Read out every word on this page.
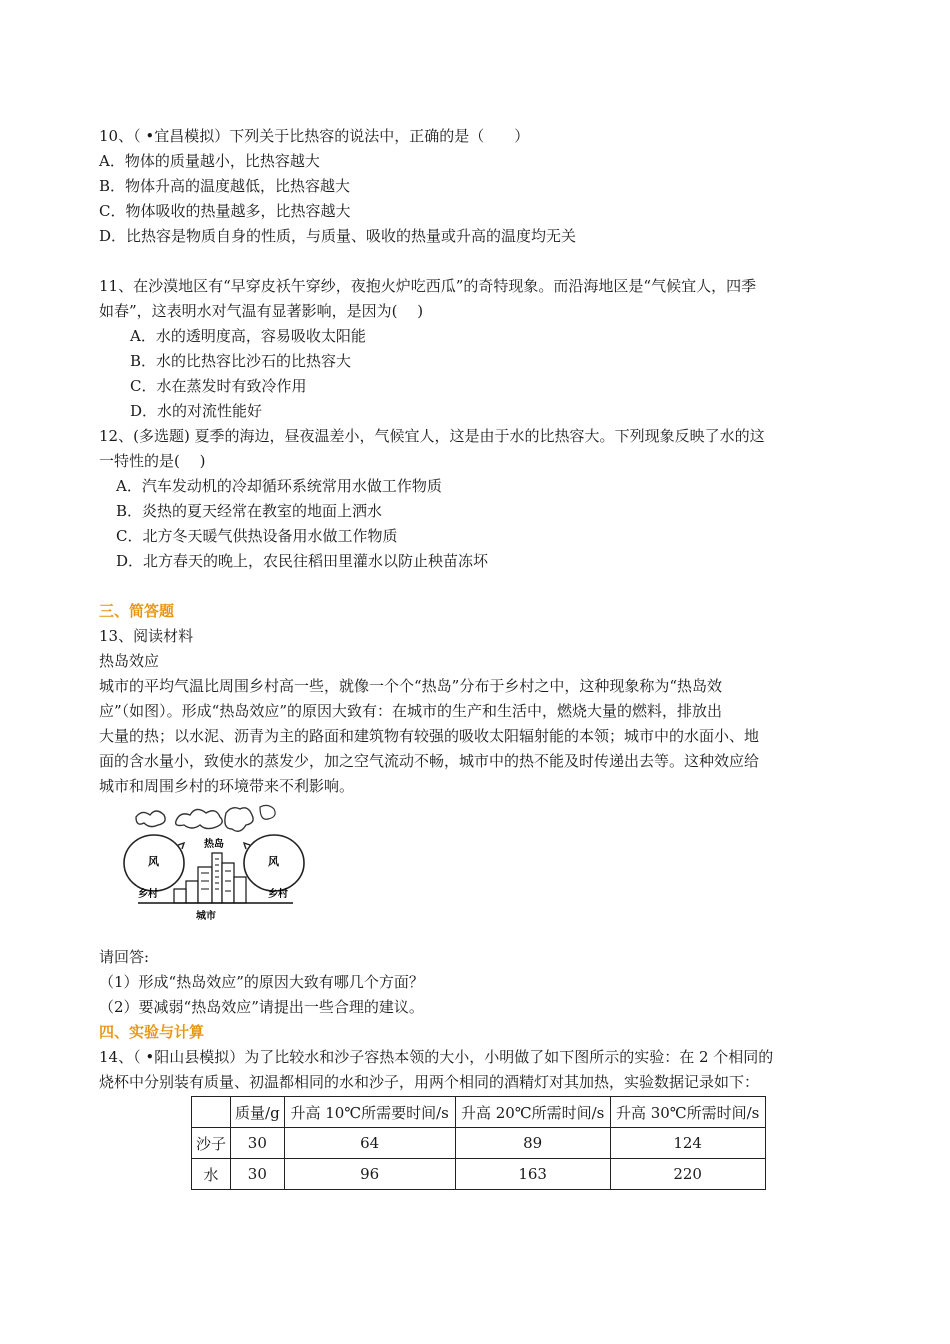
10、（ •宜昌模拟）下列关于比热容的说法中，正确的是（　　）
A．物体的质量越小，比热容越大
B．物体升高的温度越低，比热容越大
C．物体吸收的热量越多，比热容越大
D．比热容是物质自身的性质，与质量、吸收的热量或升高的温度均无关
11、在沙漠地区有“早穿皮袄午穿纱，夜抱火炉吃西瓜”的奇特现象。而沿海地区是“气候宜人，四季
如春”，这表明水对气温有显著影响，是因为(　 )
A．水的透明度高，容易吸收太阳能
B．水的比热容比沙石的比热容大
C．水在蒸发时有致冷作用
D．水的对流性能好
12、(多选题) 夏季的海边，昼夜温差小，气候宜人，这是由于水的比热容大。下列现象反映了水的这
一特性的是(　 )
A．汽车发动机的冷却循环系统常用水做工作物质
B．炎热的夏天经常在教室的地面上洒水
C．北方冬天暖气供热设备用水做工作物质
D．北方春天的晚上，农民往稻田里灌水以防止秧苗冻坏
三、简答题
13、阅读材料
热岛效应
城市的平均气温比周围乡村高一些，就像一个个“热岛”分布于乡村之中，这种现象称为“热岛效
应”（如图）。形成“热岛效应”的原因大致有：在城市的生产和生活中，燃烧大量的燃料，排放出
大量的热；以水泥、沥青为主的路面和建筑物有较强的吸收太阳辐射能的本领；城市中的水面小、地
面的含水量小，致使水的蒸发少，加之空气流动不畅，城市中的热不能及时传递出去等。这种效应给
城市和周围乡村的环境带来不利影响。
热岛
风	风
乡村	乡村
城市
请回答:
（1）形成“热岛效应”的原因大致有哪几个方面？
（2）要减弱“热岛效应”请提出一些合理的建议。
四、实验与计算
14、（ •阳山县模拟）为了比较水和沙子容热本领的大小，小明做了如下图所示的实验：在 2 个相同的
烧杯中分别装有质量、初温都相同的水和沙子，用两个相同的酒精灯对其加热，实验数据记录如下：
	质量/g	升高 10℃所需要时间/s	升高 20℃所需时间/s	升高 30℃所需时间/s
沙子	30	64	89	124
水	30	96	163	220
